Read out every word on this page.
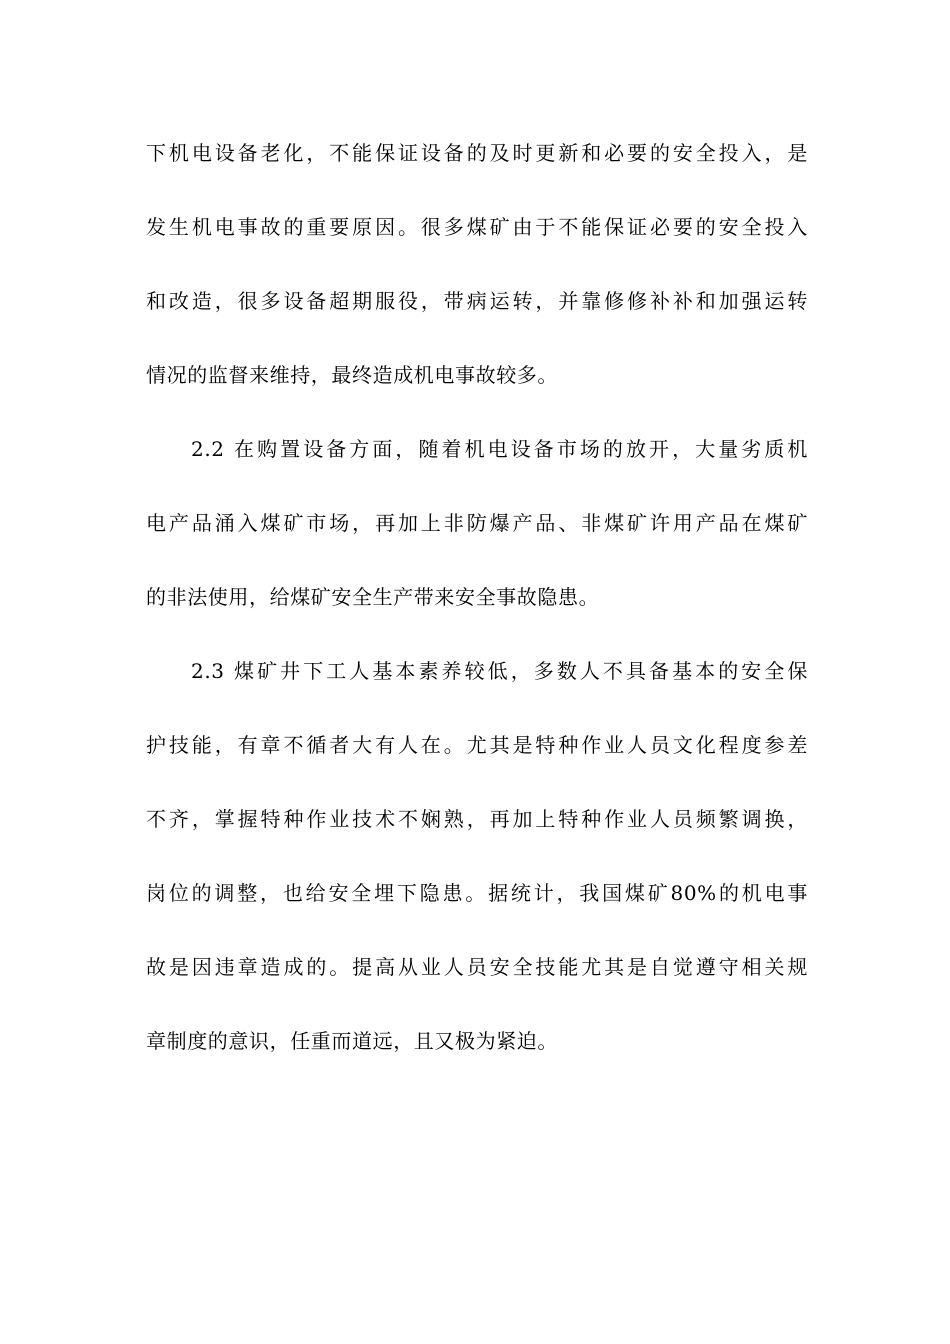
下机电设备老化，不能保证设备的及时更新和必要的安全投入，是
发生机电事故的重要原因。很多煤矿由于不能保证必要的安全投入
和改造，很多设备超期服役，带病运转，并靠修修补补和加强运转
情况的监督来维持，最终造成机电事故较多。
2.2 在购置设备方面，随着机电设备市场的放开，大量劣质机
电产品涌入煤矿市场，再加上非防爆产品、非煤矿许用产品在煤矿
的非法使用，给煤矿安全生产带来安全事故隐患。
2.3 煤矿井下工人基本素养较低，多数人不具备基本的安全保
护技能，有章不循者大有人在。尤其是特种作业人员文化程度参差
不齐，掌握特种作业技术不娴熟，再加上特种作业人员频繁调换，
岗位的调整，也给安全埋下隐患。据统计，我国煤矿80%的机电事
故是因违章造成的。提高从业人员安全技能尤其是自觉遵守相关规
章制度的意识，任重而道远，且又极为紧迫。
